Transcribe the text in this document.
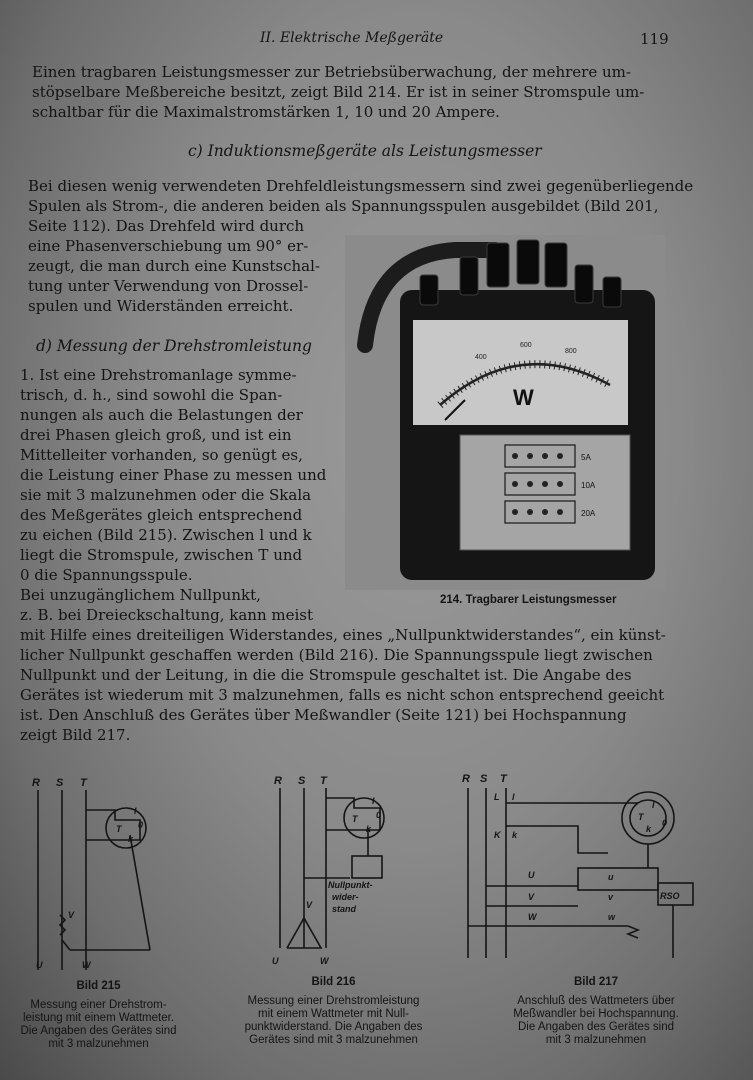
II. Elektrische Meßgeräte	119

Einen tragbaren Leistungsmesser zur Betriebsüberwachung, der mehrere um-
stöpselbare Meßbereiche besitzt, zeigt Bild 214. Er ist in seiner Stromspule um-
schaltbar für die Maximalstromstärken 1, 10 und 20 Ampere.

c) Induktionsmeßgeräte als Leistungsmesser

Bei diesen wenig verwendeten Drehfeldleistungsmessern sind zwei gegenüberliegende
Spulen als Strom-, die anderen beiden als Spannungsspulen ausgebildet (Bild 201,
Seite 112). Das Drehfeld wird durch
eine Phasenverschiebung um 90° er-
zeugt, die man durch eine Kunstschal-
tung unter Verwendung von Drossel-
spulen und Widerständen erreicht.

d) Messung der Drehstromleistung

1. Ist eine Drehstromanlage symme-
trisch, d. h., sind sowohl die Span-
nungen als auch die Belastungen der
drei Phasen gleich groß, und ist ein
Mittelleiter vorhanden, so genügt es,
die Leistung einer Phase zu messen und
sie mit 3 malzunehmen oder die Skala
des Meßgerätes gleich entsprechend
zu eichen (Bild 215). Zwischen l und k
liegt die Stromspule, zwischen T und
0 die Spannungsspule.
Bei unzugänglichem Nullpunkt,
z. B. bei Dreieckschaltung, kann meist
mit Hilfe eines dreiteiligen Widerstandes, eines „Nullpunktwiderstandes“, ein künst-
licher Nullpunkt geschaffen werden (Bild 216). Die Spannungsspule liegt zwischen
Nullpunkt und der Leitung, in die die Stromspule geschaltet ist. Die Angabe des
Gerätes ist wiederum mit 3 malzunehmen, falls es nicht schon entsprechend geeicht
ist. Den Anschluß des Gerätes über Meßwandler (Seite 121) bei Hochspannung
zeigt Bild 217.

W
400
600
800
5A
10A
20A
214. Tragbarer Leistungsmesser
R S T
T 0
l
k
U
V
W
Bild 215
Messung einer Drehstrom-
leistung mit einem Wattmeter.
Die Angaben des Gerätes sind
mit 3 malzunehmen
R S T
T 0
l
k
Nullpunkt-
wider-
stand
U
V
W
Bild 216
Messung einer Drehstromleistung
mit einem Wattmeter mit Null-
punktwiderstand. Die Angaben des
Gerätes sind mit 3 malzunehmen
R S T
L l
K k
T
l
k
0
U	u
V	v
W	w
RSO
Bild 217
Anschluß des Wattmeters über
Meßwandler bei Hochspannung.
Die Angaben des Gerätes sind
mit 3 malzunehmen
